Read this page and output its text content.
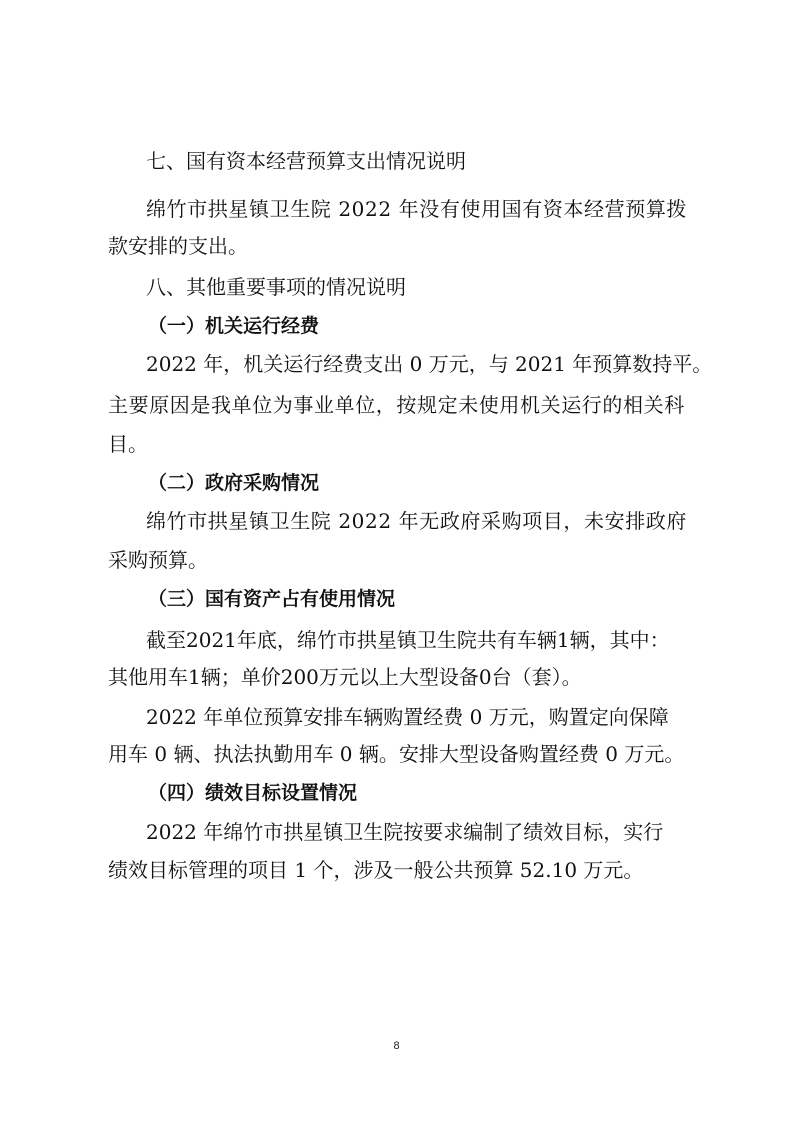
七、国有资本经营预算支出情况说明

绵竹市拱星镇卫生院 2022 年没有使用国有资本经营预算拨

款安排的支出。

八、其他重要事项的情况说明

（一）机关运行经费

2022 年，机关运行经费支出 0 万元，与 2021 年预算数持平。

主要原因是我单位为事业单位，按规定未使用机关运行的相关科

目。

（二）政府采购情况

绵竹市拱星镇卫生院 2022 年无政府采购项目，未安排政府

采购预算。

（三）国有资产占有使用情况

截至2021年底，绵竹市拱星镇卫生院共有车辆1辆，其中：

其他用车1辆；单价200万元以上大型设备0台（套）。

2022 年单位预算安排车辆购置经费 0 万元，购置定向保障

用车 0 辆、执法执勤用车 0 辆。安排大型设备购置经费 0 万元。

（四）绩效目标设置情况

2022 年绵竹市拱星镇卫生院按要求编制了绩效目标，实行

绩效目标管理的项目 1 个，涉及一般公共预算 52.10 万元。

8
